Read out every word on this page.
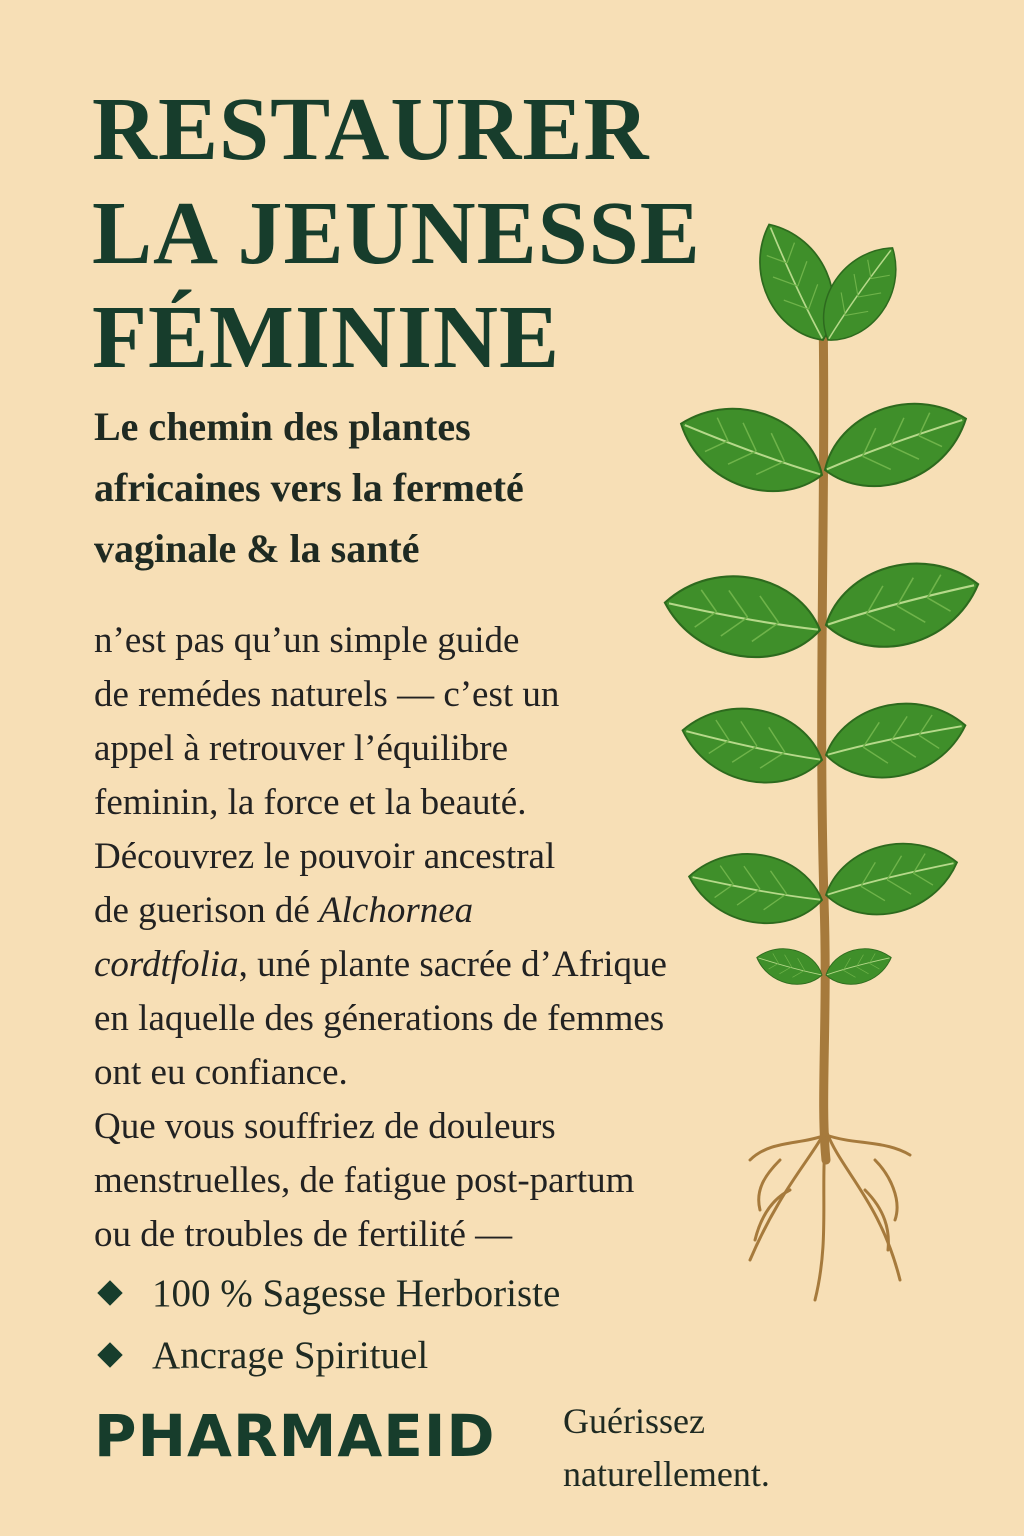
RESTAURER
LA JEUNESSE
FÉMININE
Le chemin des plantes
africaines vers la fermeté
vaginale & la santé
n’est pas qu’un simple guide
de remédes naturels — c’est un
appel à retrouver l’équilibre
feminin, la force et la beauté.
Découvrez le pouvoir ancestral
de guerison dé Alchornea
cordtfolia, uné plante sacrée d’Afrique
en laquelle des génerations de femmes
ont eu confiance.
Que vous souffriez de douleurs
menstruelles, de fatigue post-partum
ou de troubles de fertilité —
100 % Sagesse Herboriste
Ancrage Spirituel
PHARMAEID Guérissez
naturellement.
